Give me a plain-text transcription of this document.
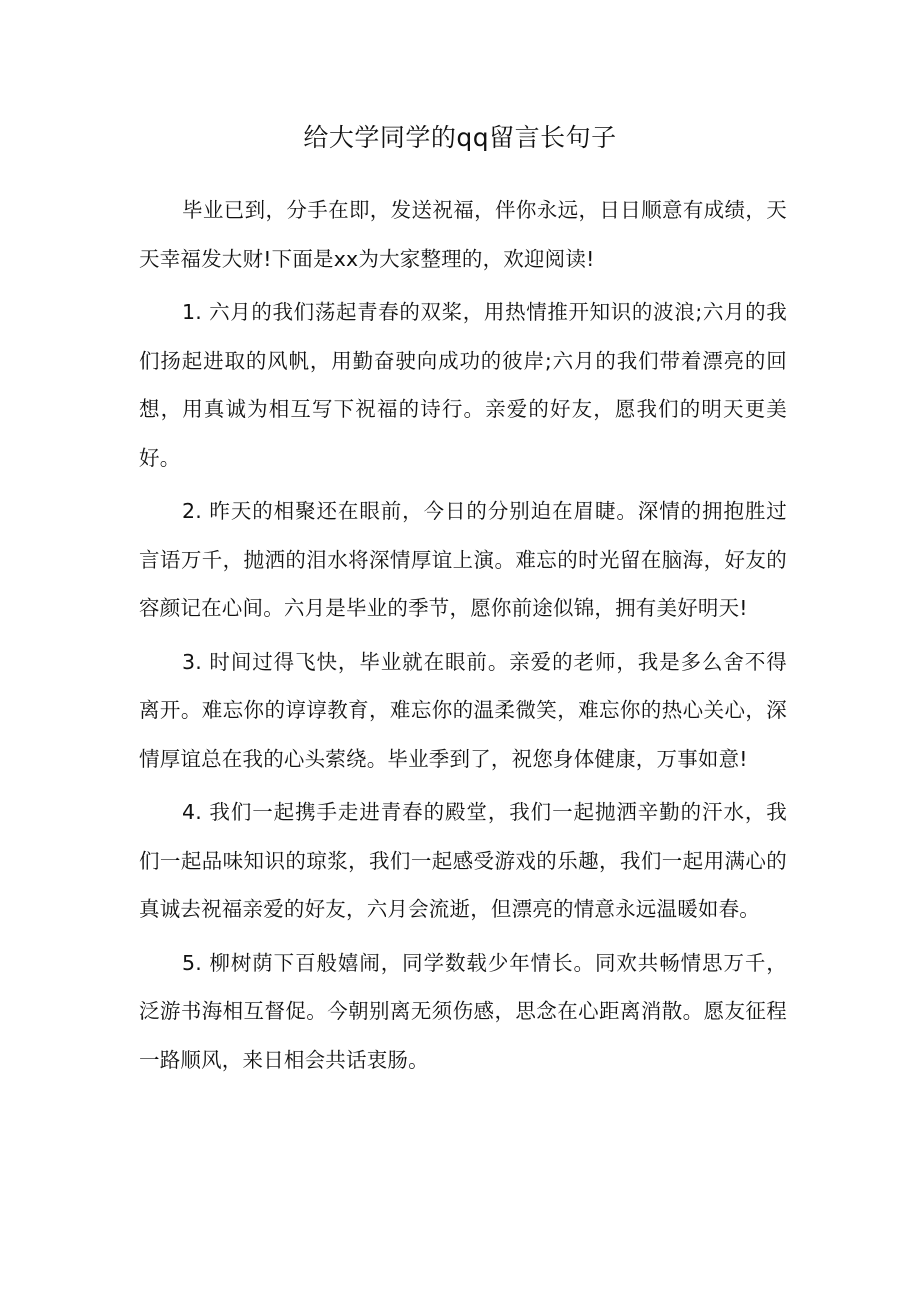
给大学同学的qq留言长句子

毕业已到，分手在即，发送祝福，伴你永远，日日顺意有成绩，天天幸福发大财!下面是xx为大家整理的，欢迎阅读!

1. 六月的我们荡起青春的双桨，用热情推开知识的波浪;六月的我们扬起进取的风帆，用勤奋驶向成功的彼岸;六月的我们带着漂亮的回想，用真诚为相互写下祝福的诗行。亲爱的好友，愿我们的明天更美好。

2. 昨天的相聚还在眼前，今日的分别迫在眉睫。深情的拥抱胜过言语万千，抛洒的泪水将深情厚谊上演。难忘的时光留在脑海，好友的容颜记在心间。六月是毕业的季节，愿你前途似锦，拥有美好明天!

3. 时间过得飞快，毕业就在眼前。亲爱的老师，我是多么舍不得离开。难忘你的谆谆教育，难忘你的温柔微笑，难忘你的热心关心，深情厚谊总在我的心头萦绕。毕业季到了，祝您身体健康，万事如意!

4. 我们一起携手走进青春的殿堂，我们一起抛洒辛勤的汗水，我们一起品味知识的琼浆，我们一起感受游戏的乐趣，我们一起用满心的真诚去祝福亲爱的好友，六月会流逝，但漂亮的情意永远温暖如春。

5. 柳树荫下百般嬉闹，同学数载少年情长。同欢共畅情思万千，泛游书海相互督促。今朝别离无须伤感，思念在心距离消散。愿友征程一路顺风，来日相会共话衷肠。
